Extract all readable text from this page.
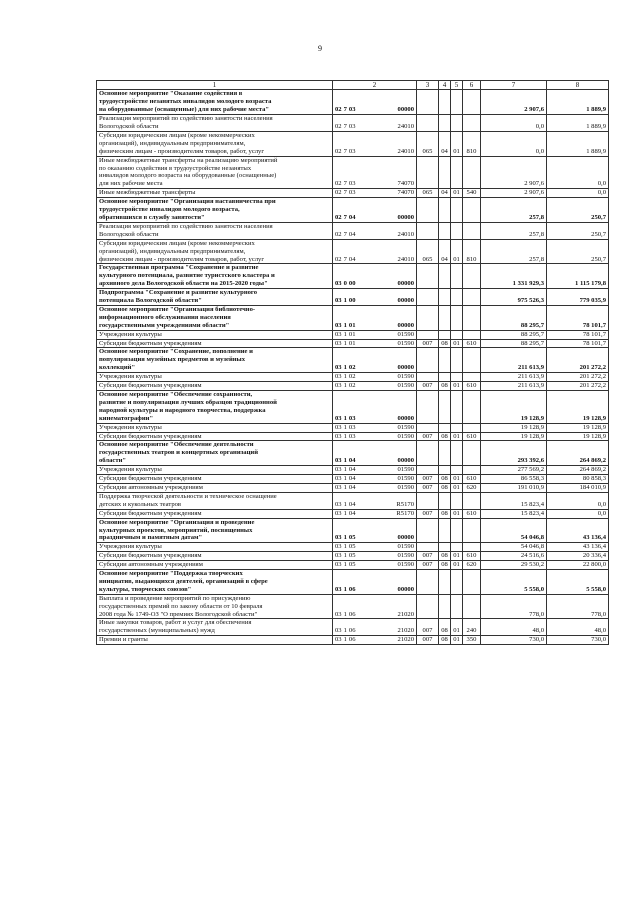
9
1	2	3	4	5	6	7	8

Основное мероприятие "Оказание содействия в
трудоустройстве незанятых инвалидов молодого возраста
на оборудованные (оснащенные) для них рабочие места"	02 7 03 00000					2 907,6	1 889,9

Реализация мероприятий по содействию занятости населения
Вологодской области	02 7 03 24010					0,0	1 889,9

Субсидии юридическим лицам (кроме некоммерческих
организаций), индивидуальным предпринимателям,
физическим лицам - производителям товаров, работ, услуг	02 7 03 24010	065	04	01	810	0,0	1 889,9

Иные межбюджетные трансферты на реализацию мероприятий
по оказанию содействия в трудоустройстве незанятых
инвалидов молодого возраста на оборудованные (оснащенные)
для них рабочие места	02 7 03 74070					2 907,6	0,0

Иные межбюджетные трансферты	02 7 03 74070	065	04	01	540	2 907,6	0,0

Основное мероприятие "Организация наставничества при
трудоустройстве инвалидов молодого возраста,
обратившихся в службу занятости"	02 7 04 00000					257,8	250,7

Реализация мероприятий по содействию занятости населения
Вологодской области	02 7 04 24010					257,8	250,7

Субсидии юридическим лицам (кроме некоммерческих
организаций), индивидуальным предпринимателям,
физическим лицам - производителям товаров, работ, услуг	02 7 04 24010	065	04	01	810	257,8	250,7

Государственная программа "Сохранение и развитие
культурного потенциала, развитие туристского кластера и
архивного дела Вологодской области на 2015-2020 годы"	03 0 00 00000					1 331 929,3	1 115 179,8

Подпрограмма "Сохранение и развитие культурного
потенциала Вологодской области"	03 1 00 00000					975 526,3	779 035,9

Основное мероприятие "Организация библиотечно-
информационного обслуживания населения
государственными учреждениями области"	03 1 01 00000					88 295,7	78 101,7

Учреждения культуры	03 1 01 01590					88 295,7	78 101,7

Субсидии бюджетным учреждениям	03 1 01 01590	007	08	01	610	88 295,7	78 101,7

Основное мероприятие "Сохранение, пополнение и
популяризация музейных предметов и музейных
коллекций"	03 1 02 00000					211 613,9	201 272,2

Учреждения культуры	03 1 02 01590					211 613,9	201 272,2

Субсидии бюджетным учреждениям	03 1 02 01590	007	08	01	610	211 613,9	201 272,2

Основное мероприятие "Обеспечение сохранности,
развитие и популяризация лучших образцов традиционной
народной культуры и народного творчества, поддержка
кинематографии"	03 1 03 00000					19 128,9	19 128,9

Учреждения культуры	03 1 03 01590					19 128,9	19 128,9

Субсидии бюджетным учреждениям	03 1 03 01590	007	08	01	610	19 128,9	19 128,9

Основное мероприятие "Обеспечение деятельности
государственных театров и концертных организаций
области"	03 1 04 00000					293 392,6	264 869,2

Учреждения культуры	03 1 04 01590					277 569,2	264 869,2

Субсидии бюджетным учреждениям	03 1 04 01590	007	08	01	610	86 558,3	80 858,3

Субсидии автономным учреждениям	03 1 04 01590	007	08	01	620	191 010,9	184 010,9

Поддержка творческой деятельности и техническое оснащение
детских и кукольных театров	03 1 04 R5170					15 823,4	0,0

Субсидии бюджетным учреждениям	03 1 04 R5170	007	08	01	610	15 823,4	0,0

Основное мероприятие "Организация и проведение
культурных проектов, мероприятий, посвященных
праздничным и памятным датам"	03 1 05 00000					54 046,8	43 136,4

Учреждения культуры	03 1 05 01590					54 046,8	43 136,4

Субсидии бюджетным учреждениям	03 1 05 01590	007	08	01	610	24 516,6	20 336,4

Субсидии автономным учреждениям	03 1 05 01590	007	08	01	620	29 530,2	22 800,0

Основное мероприятие "Поддержка творческих
инициатив, выдающихся деятелей, организаций в сфере
культуры, творческих союзов"	03 1 06 00000					5 558,0	5 558,0

Выплата и проведение мероприятий по присуждению
государственных премий по закону области от 10 февраля
2008 года № 1749-ОЗ "О премиях Вологодской области"	03 1 06 21020					778,0	778,0

Иные закупки товаров, работ и услуг для обеспечения
государственных (муниципальных) нужд	03 1 06 21020	007	08	01	240	48,0	48,0

Премии и гранты	03 1 06 21020	007	08	01	350	730,0	730,0
